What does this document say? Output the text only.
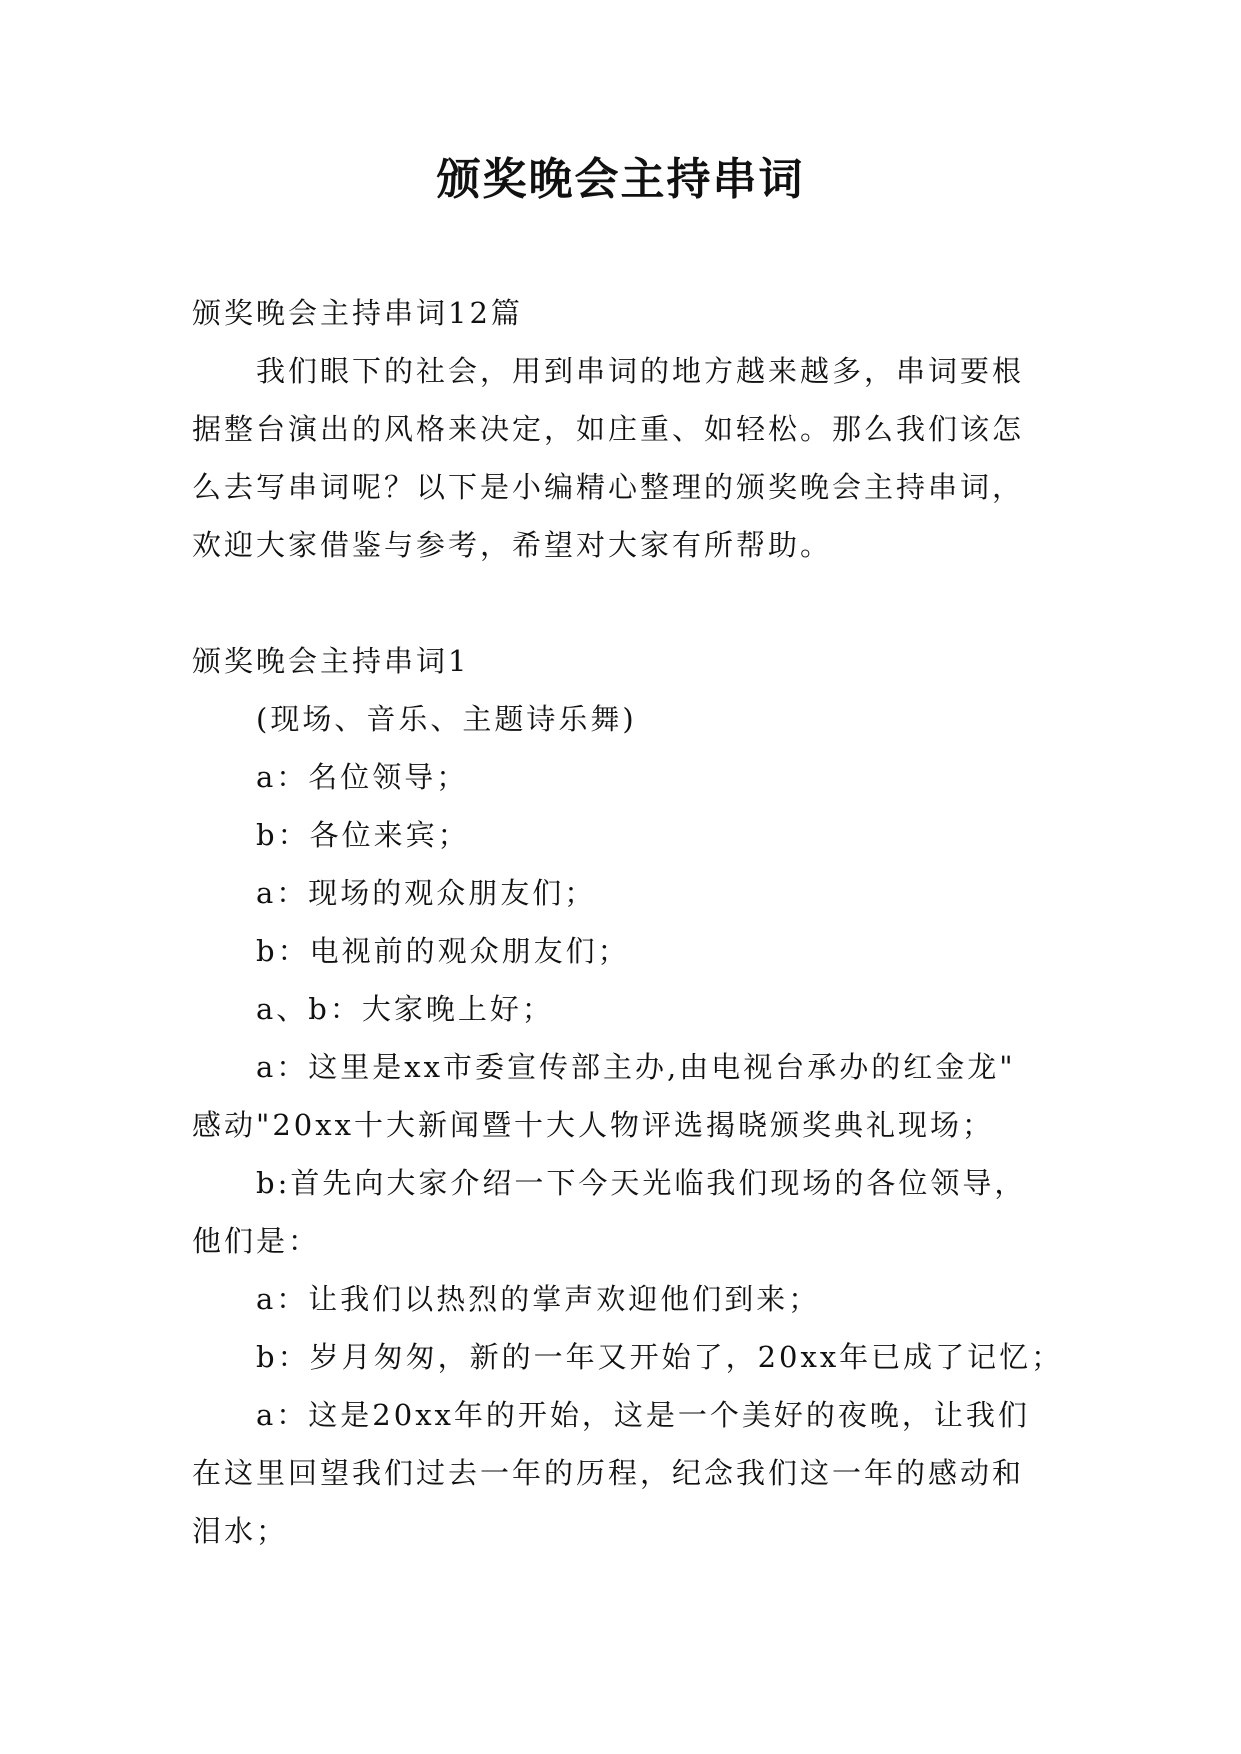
颁奖晚会主持串词
颁奖晚会主持串词12篇
我们眼下的社会，用到串词的地方越来越多，串词要根
据整台演出的风格来决定，如庄重、如轻松。那么我们该怎
么去写串词呢？以下是小编精心整理的颁奖晚会主持串词，
欢迎大家借鉴与参考，希望对大家有所帮助。
颁奖晚会主持串词1
(现场、音乐、主题诗乐舞)
a：名位领导；
b：各位来宾；
a：现场的观众朋友们；
b：电视前的观众朋友们；
a、b：大家晚上好；
a：这里是xx市委宣传部主办,由电视台承办的红金龙"
感动"20xx十大新闻暨十大人物评选揭晓颁奖典礼现场；
b:首先向大家介绍一下今天光临我们现场的各位领导，
他们是：
a：让我们以热烈的掌声欢迎他们到来；
b：岁月匆匆，新的一年又开始了，20xx年已成了记忆；
a：这是20xx年的开始，这是一个美好的夜晚，让我们
在这里回望我们过去一年的历程，纪念我们这一年的感动和
泪水；
